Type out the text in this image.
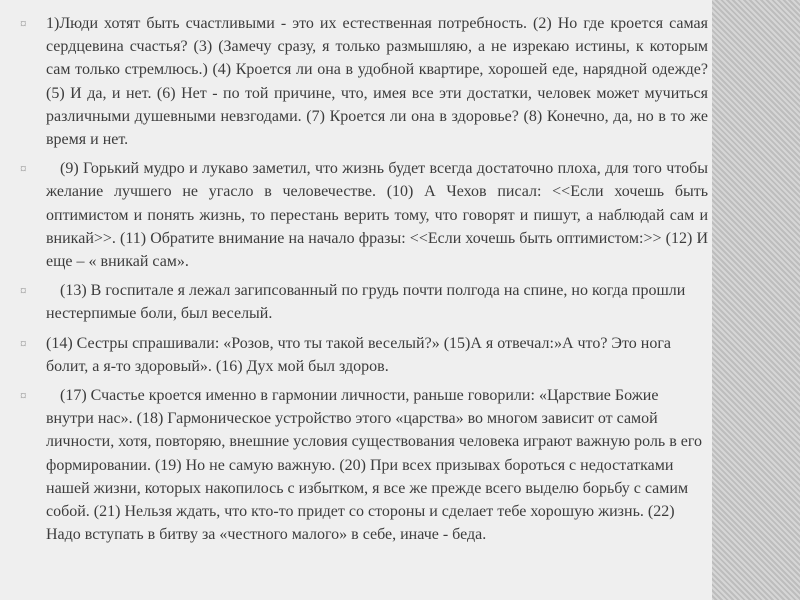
¤ 1)Люди хотят быть счастливыми - это их естественная потребность. (2) Но где кроется самая сердцевина счастья? (3) (Замечу сразу, я только размышляю, а не изрекаю истины, к которым сам только стремлюсь.) (4) Кроется ли она в удобной квартире, хорошей еде, нарядной одежде? (5) И да, и нет. (6) Нет - по той причине, что, имея все эти достатки, человек может мучиться различными душевными невзгодами. (7) Кроется ли она в здоровье? (8) Конечно, да, но в то же время и нет.
¤ (9) Горький мудро и лукаво заметил, что жизнь будет всегда достаточно плоха, для того чтобы желание лучшего не угасло в человечестве. (10) А Чехов писал: <<Если хочешь быть оптимистом и понять жизнь, то перестань верить тому, что говорят и пишут, а наблюдай сам и вникай>>. (11) Обратите внимание на начало фразы: <<Если хочешь быть оптимистом:>> (12) И еще – « вникай сам».
¤ (13) В госпитале я лежал загипсованный по грудь почти полгода на спине, но когда прошли нестерпимые боли, был веселый.
¤ (14) Сестры спрашивали: «Розов, что ты такой веселый?» (15)А я отвечал:»А что? Это нога болит, а я-то здоровый». (16) Дух мой был здоров.
¤ (17) Счастье кроется именно в гармонии личности, раньше говорили: «Царствие Божие внутри нас». (18) Гармоническое устройство этого «царства» во многом зависит от самой личности, хотя, повторяю, внешние условия существования человека играют важную роль в его формировании. (19) Но не самую важную. (20) При всех призывах бороться с недостатками нашей жизни, которых накопилось с избытком, я все же прежде всего выделю борьбу с самим собой. (21) Нельзя ждать, что кто-то придет со стороны и сделает тебе хорошую жизнь. (22) Надо вступать в битву за «честного малого» в себе, иначе - беда.
